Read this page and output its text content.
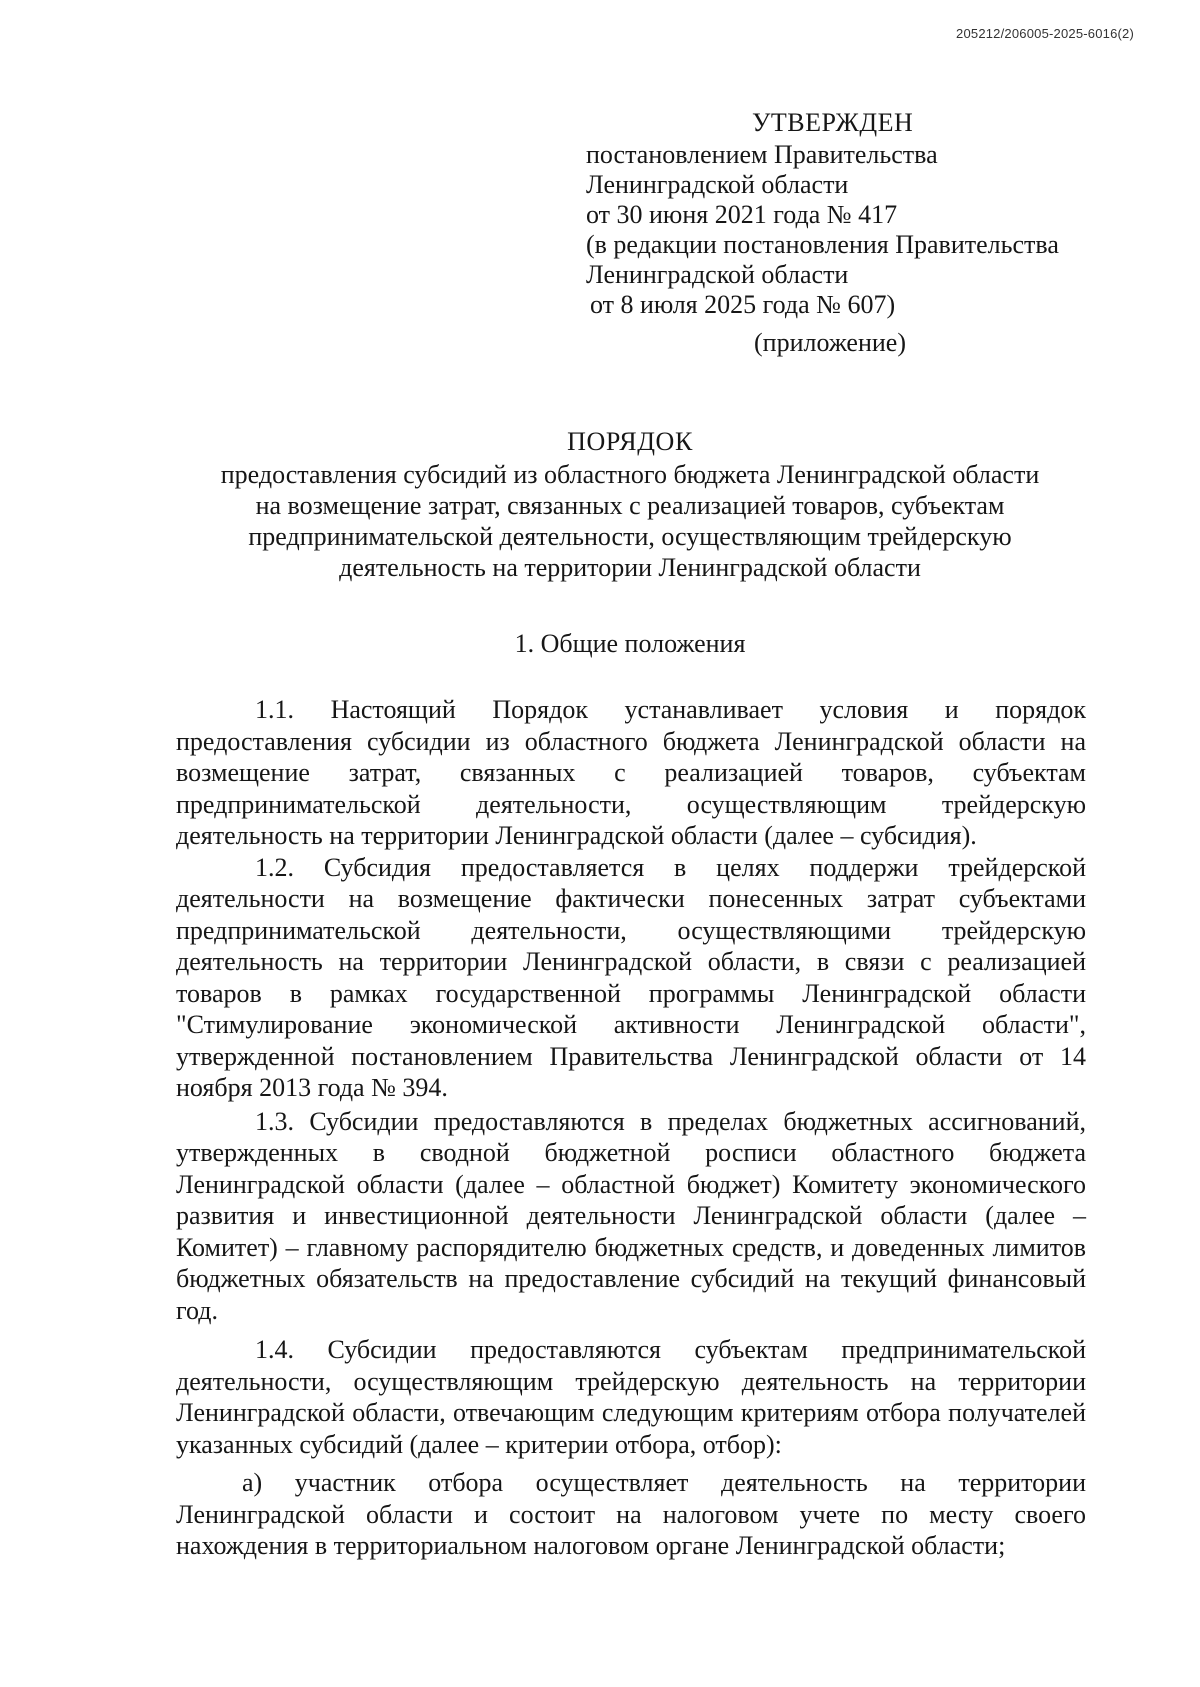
205212/206005-2025-6016(2)
УТВЕРЖДЕН
постановлением Правительства
Ленинградской области
от 30 июня 2021 года № 417
(в редакции постановления Правительства
Ленинградской области
от 8 июля 2025 года № 607)
(приложение)
ПОРЯДОК
предоставления субсидий из областного бюджета Ленинградской области
на возмещение затрат, связанных с реализацией товаров, субъектам
предпринимательской деятельности, осуществляющим трейдерскую
деятельность на территории Ленинградской области
1. Общие положения

1.1. Настоящий Порядок устанавливает условия и порядок предоставления субсидии из областного бюджета Ленинградской области на возмещение затрат, связанных с реализацией товаров, субъектам предпринимательской деятельности, осуществляющим трейдерскую деятельность на территории Ленинградской области (далее – субсидия).

1.2. Субсидия предоставляется в целях поддержи трейдерской деятельности на возмещение фактически понесенных затрат субъектами предпринимательской деятельности, осуществляющими трейдерскую деятельность на территории Ленинградской области, в связи с реализацией товаров в рамках государственной программы Ленинградской области "Стимулирование экономической активности Ленинградской области", утвержденной постановлением Правительства Ленинградской области от 14 ноября 2013 года № 394.

1.3. Субсидии предоставляются в пределах бюджетных ассигнований, утвержденных в сводной бюджетной росписи областного бюджета Ленинградской области (далее – областной бюджет) Комитету экономического развития и инвестиционной деятельности Ленинградской области (далее – Комитет) – главному распорядителю бюджетных средств, и доведенных лимитов бюджетных обязательств на предоставление субсидий на текущий финансовый год.

1.4. Субсидии предоставляются субъектам предпринимательской деятельности, осуществляющим трейдерскую деятельность на территории Ленинградской области, отвечающим следующим критериям отбора получателей указанных субсидий (далее – критерии отбора, отбор):

а) участник отбора осуществляет деятельность на территории Ленинградской области и состоит на налоговом учете по месту своего нахождения в территориальном налоговом органе Ленинградской области;
